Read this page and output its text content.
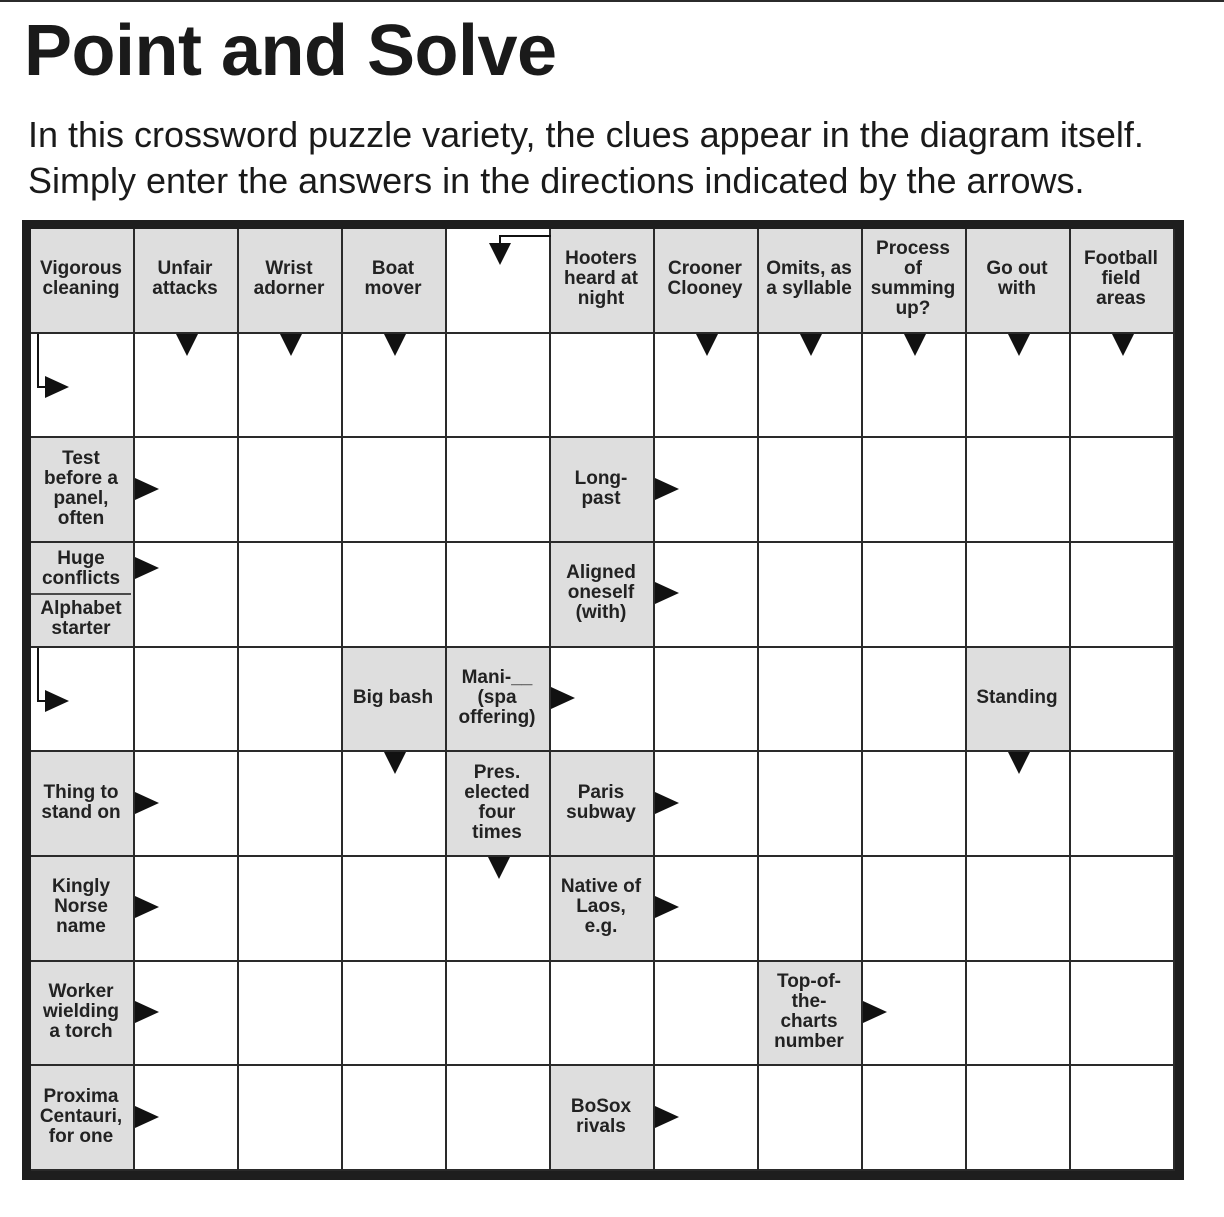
Point and Solve

In this crossword puzzle variety, the clues appear in the diagram itself.
Simply enter the answers in the directions indicated by the arrows.

Vigorous
cleaning
Unfair
attacks
Wrist
adorner
Boat
mover
Hooters
heard at
night
Crooner
Clooney
Omits, as
a syllable
Process
of
summing
up?
Go out
with
Football
field
areas
Test
before a
panel,
often
Long-
past
Huge
conflicts
Alphabet
starter
Aligned
oneself
(with)
Big bash
Mani-__
(spa
offering)
Standing
Thing to
stand on
Pres.
elected
four
times
Paris
subway
Kingly
Norse
name
Native of
Laos,
e.g.
Worker
wielding
a torch
Top-of-
the-
charts
number
Proxima
Centauri,
for one
BoSox
rivals
